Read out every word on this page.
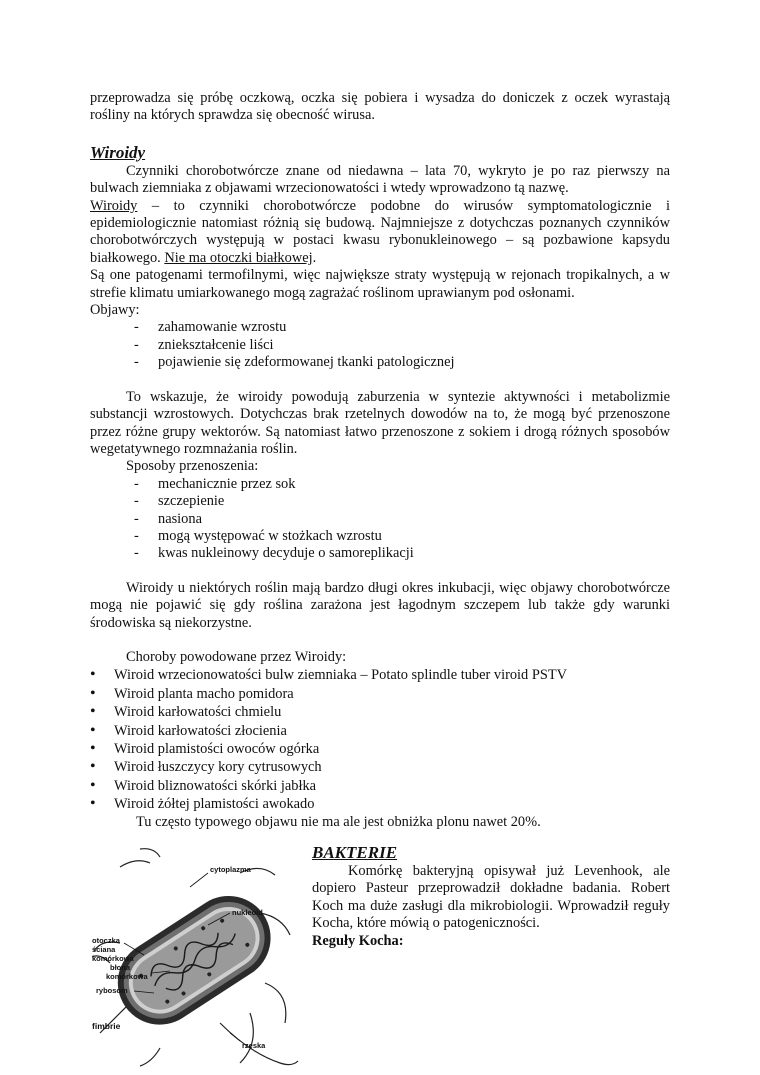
przeprowadza się próbę oczkową, oczka się pobiera i wysadza do doniczek z oczek wyrastają rośliny na których sprawdza się obecność wirusa.

Wiroidy

Czynniki chorobotwórcze znane od niedawna – lata 70, wykryto je po raz pierwszy na bulwach ziemniaka z objawami wrzecionowatości i wtedy wprowadzono tą nazwę.

Wiroidy – to czynniki chorobotwórcze podobne do wirusów symptomatologicznie i epidemiologicznie natomiast różnią się budową. Najmniejsze z dotychczas poznanych czynników chorobotwórczych występują w postaci kwasu rybonukleinowego – są pozbawione kapsydu białkowego. Nie ma otoczki białkowej.

Są one patogenami termofilnymi, więc największe straty występują w rejonach tropikalnych, a w strefie klimatu umiarkowanego mogą zagrażać roślinom uprawianym pod osłonami.

Objawy:

- zahamowanie wzrostu
- zniekształcenie liści
- pojawienie się zdeformowanej tkanki patologicznej

To wskazuje, że wiroidy powodują zaburzenia w syntezie aktywności i metabolizmie substancji wzrostowych. Dotychczas brak rzetelnych dowodów na to, że mogą być przenoszone przez różne grupy wektorów. Są natomiast łatwo przenoszone z sokiem i drogą różnych sposobów wegetatywnego rozmnażania roślin.

Sposoby przenoszenia:

- mechanicznie przez sok
- szczepienie
- nasiona
- mogą występować w stożkach wzrostu
- kwas nukleinowy decyduje o samoreplikacji

Wiroidy u niektórych roślin mają bardzo długi okres inkubacji, więc objawy chorobotwórcze mogą nie pojawić się gdy roślina zarażona jest łagodnym szczepem lub także gdy warunki środowiska są niekorzystne.

Choroby powodowane przez Wiroidy:

• Wiroid wrzecionowatości bulw ziemniaka – Potato splindle tuber viroid PSTV
• Wiroid planta macho pomidora
• Wiroid karłowatości chmielu
• Wiroid karłowatości złocienia
• Wiroid plamistości owoców ogórka
• Wiroid łuszczycy kory cytrusowych
• Wiroid bliznowatości skórki jabłka
• Wiroid żółtej plamistości awokado

Tu często typowego objawu nie ma ale jest obniżka plonu nawet 20%.

cytoplazma
nukleoid
otoczka
ściana
komórkowa
błona
komórkowa
rybosom
fimbrie
rzęska

BAKTERIE

Komórkę bakteryjną opisywał już Levenhook, ale dopiero Pasteur przeprowadził dokładne badania. Robert Koch ma duże zasługi dla mikrobiologii. Wprowadził reguły Kocha, które mówią o patogeniczności.

Reguły Kocha:
